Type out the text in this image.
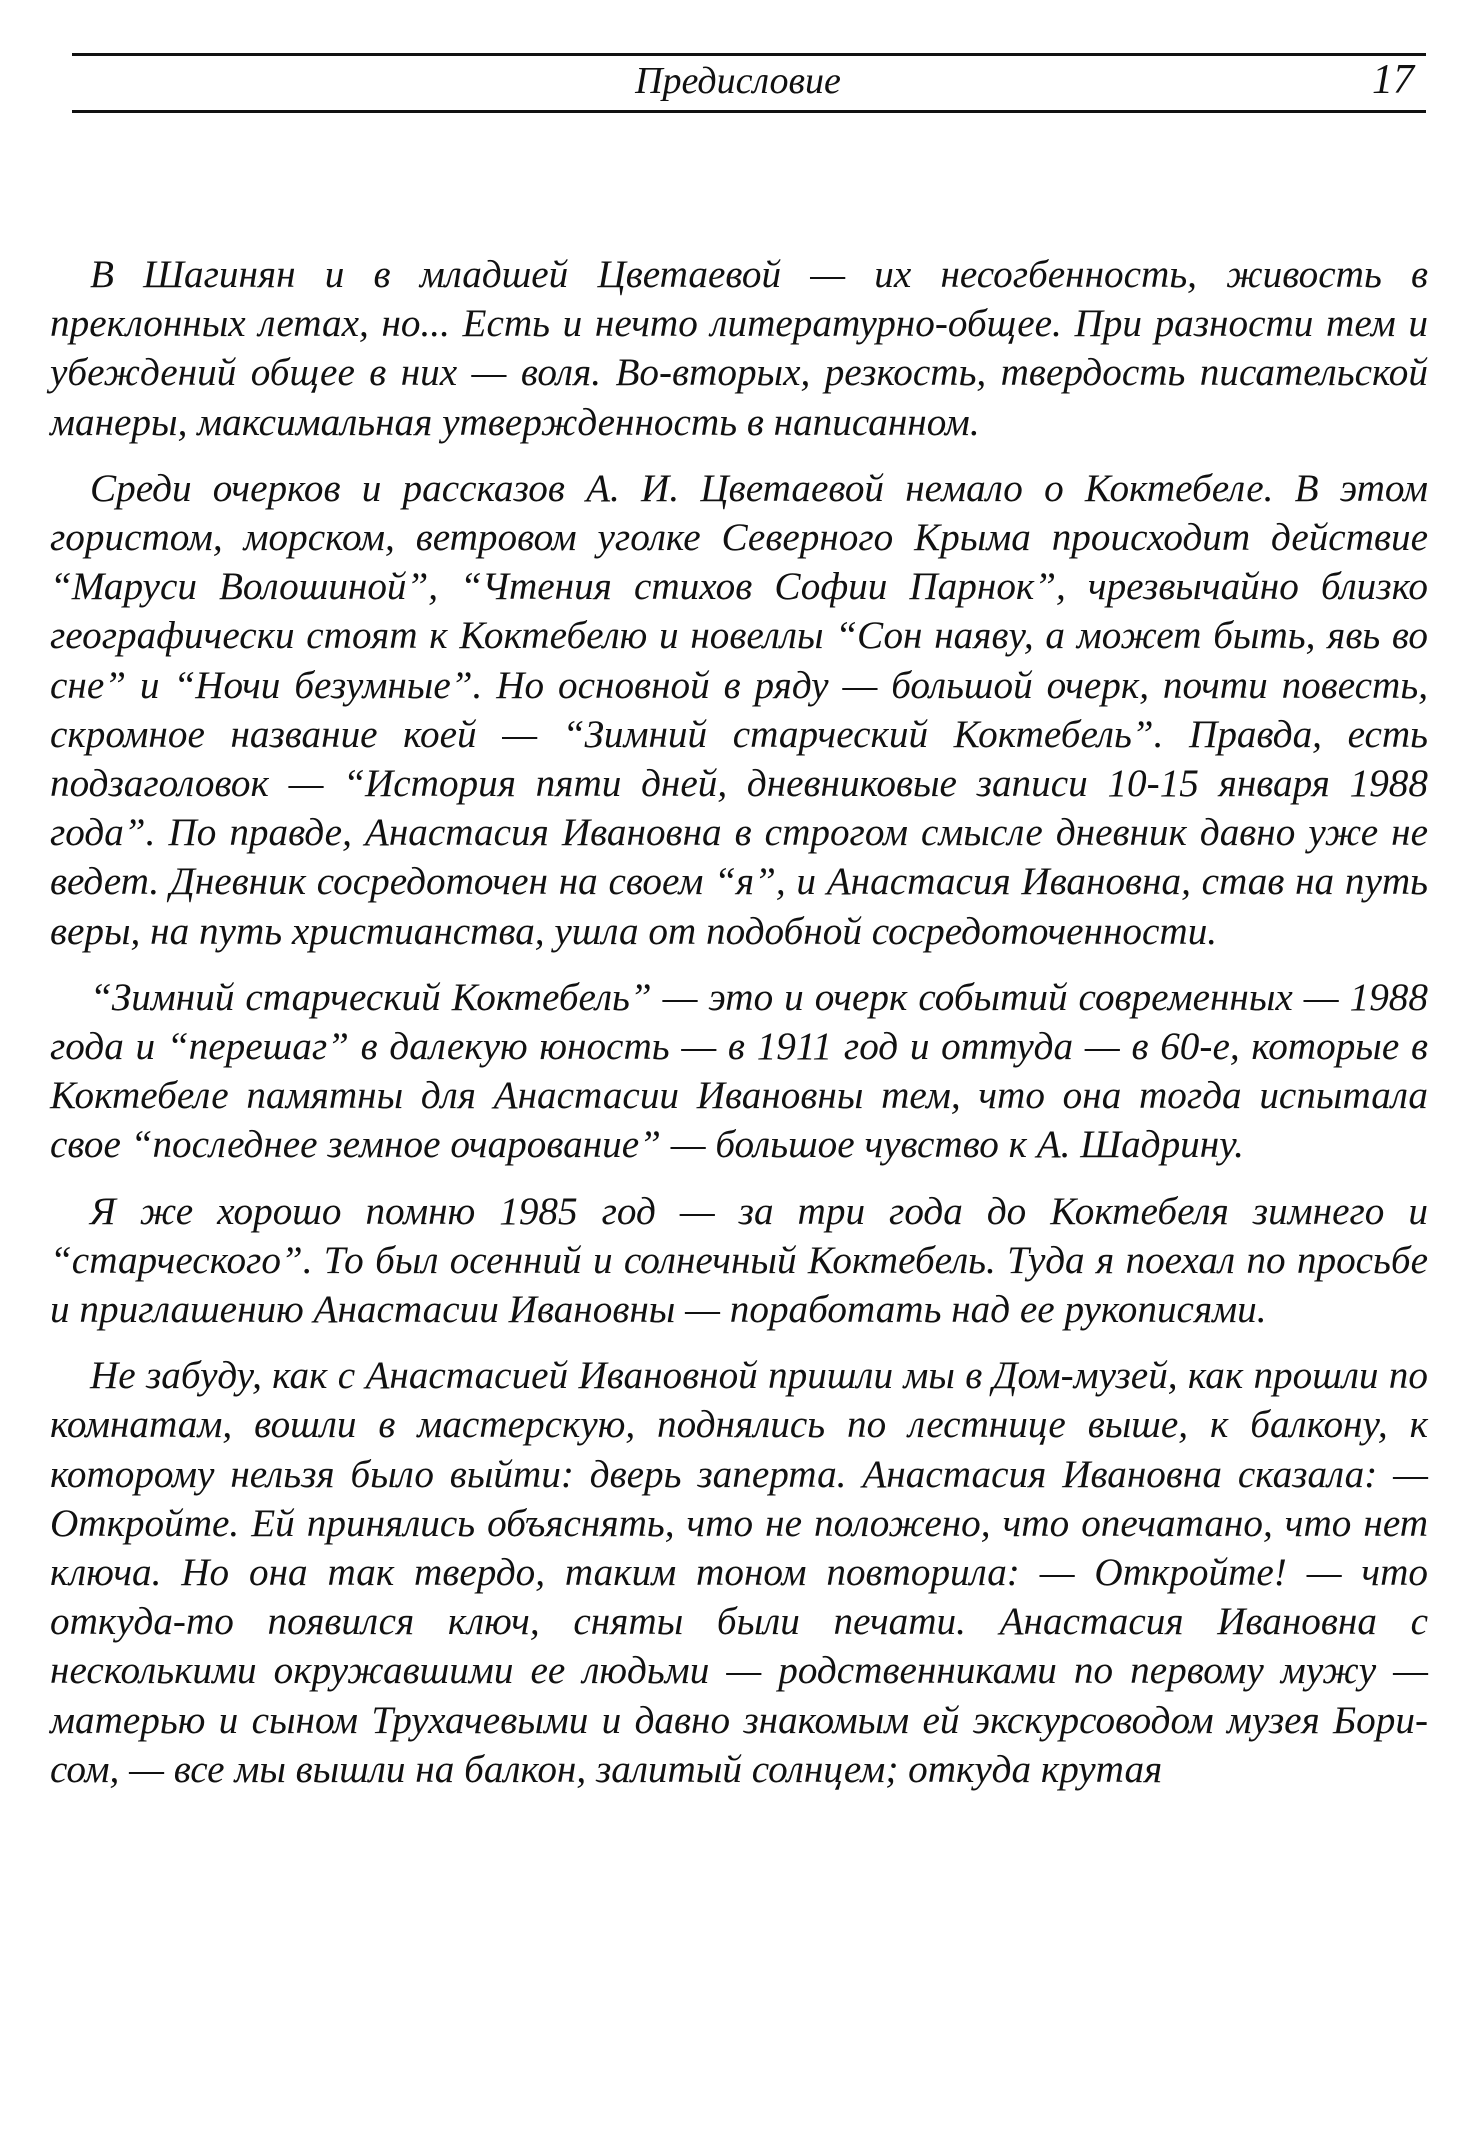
Предисловие	17

В Шагинян и в младшей Цветаевой — их несогбенность, живость в преклонных летах, но... Есть и нечто литературно-общее. При разности тем и убеждений общее в них — воля. Во-вторых, резкость, твердость писательской манеры, максимальная утвержденность в написанном.

Среди очерков и рассказов А. И. Цветаевой немало о Коктебеле. В этом гористом, морском, ветровом уголке Северного Крыма происходит действие “Маруси Волошиной”, “Чтения стихов Софии Парнок”, чрезвычайно близко географически стоят к Коктебелю и новеллы “Сон наяву, а может быть, явь во сне” и “Ночи безумные”. Но основной в ряду — большой очерк, почти повесть, скромное название коей — “Зимний старческий Коктебель”. Правда, есть подзаголовок — “История пяти дней, дневниковые записи 10-15 января 1988 года”. По правде, Анастасия Ивановна в строгом смысле дневник давно уже не ведет. Дневник сосредоточен на своем “я”, и Анастасия Ивановна, став на путь веры, на путь христианства, ушла от подобной сосредоточенности.

“Зимний старческий Коктебель” — это и очерк событий современных — 1988 года и “перешаг” в далекую юность — в 1911 год и оттуда — в 60-е, которые в Коктебеле памятны для Анастасии Ивановны тем, что она тогда испытала свое “последнее земное очарование” — большое чувство к А. Шадрину.

Я же хорошо помню 1985 год — за три года до Коктебеля зимнего и “старческого”. То был осенний и солнечный Коктебель. Туда я поехал по просьбе и приглашению Анастасии Ивановны — поработать над ее рукописями.

Не забуду, как с Анастасией Ивановной пришли мы в Дом-музей, как прошли по комнатам, вошли в мастерскую, поднялись по лестнице выше, к балкону, к которому нельзя было выйти: дверь заперта. Анастасия Ивановна сказала: — Откройте. Ей принялись объяснять, что не положено, что опечатано, что нет ключа. Но она так твердо, таким тоном повторила: — Откройте! — что откуда-то появился ключ, сняты были печати. Анастасия Ивановна с несколькими окружавшими ее людьми — родственниками по первому мужу — матерью и сыном Трухачевыми и давно знакомым ей экскурсоводом музея Борисом, — все мы вышли на балкон, залитый солнцем; откуда крутая
